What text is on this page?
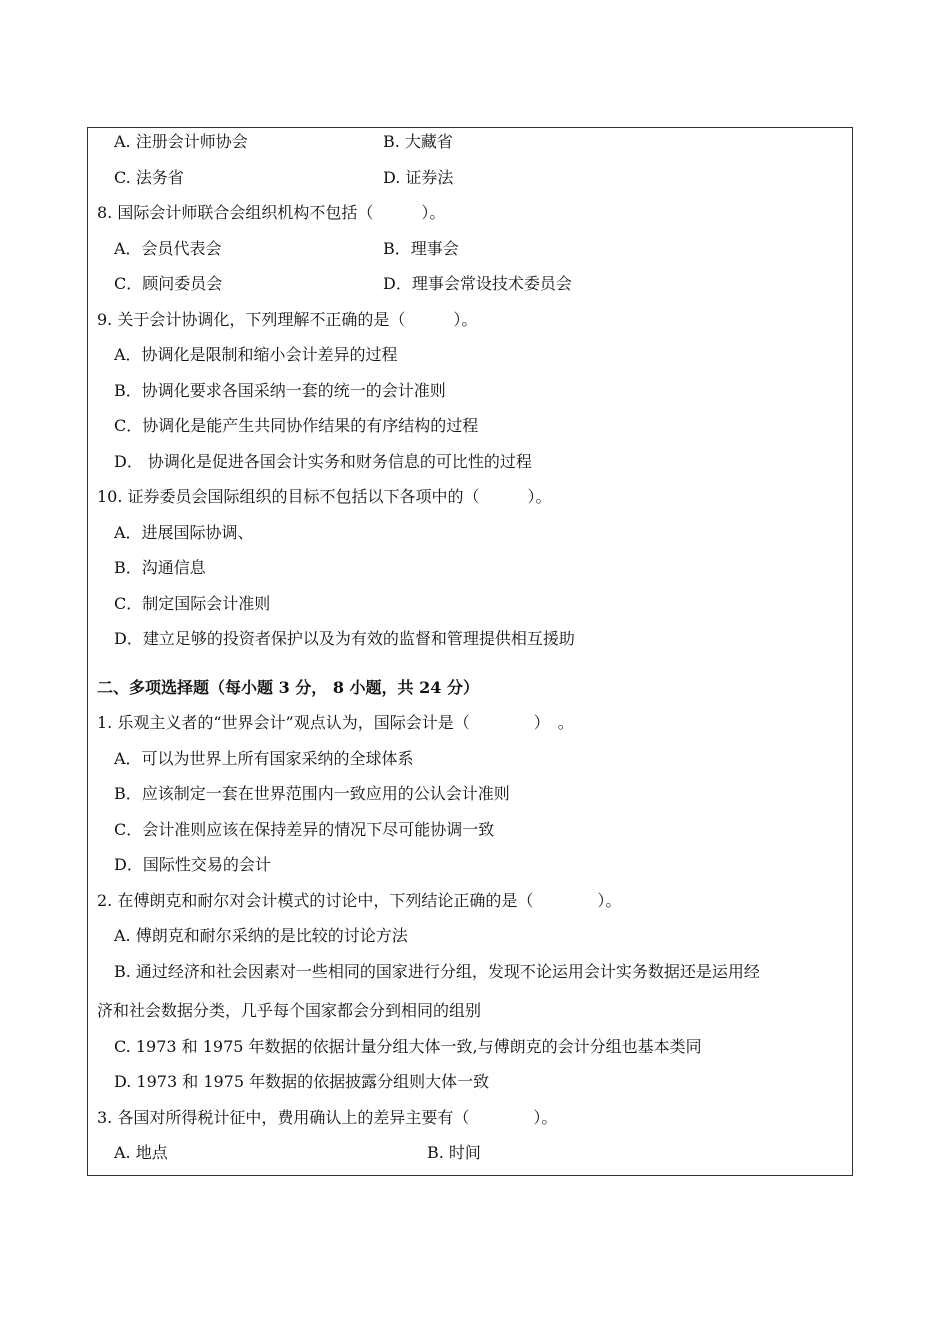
A. 注册会计师协会	B. 大藏省
C. 法务省	D. 证券法
8. 国际会计师联合会组织机构不包括（　　　）。
A．会员代表会	B．理事会
C．顾问委员会	D．理事会常设技术委员会
9. 关于会计协调化，下列理解不正确的是（　　　）。
A．协调化是限制和缩小会计差异的过程
B．协调化要求各国采纳一套的统一的会计准则
C．协调化是能产生共同协作结果的有序结构的过程
D． 协调化是促进各国会计实务和财务信息的可比性的过程
10. 证券委员会国际组织的目标不包括以下各项中的（　　　）。
A．进展国际协调、
B．沟通信息
C．制定国际会计准则
D．建立足够的投资者保护以及为有效的监督和管理提供相互援助
二、多项选择题（每小题 3 分， 8 小题，共 24 分）
1. 乐观主义者的“世界会计”观点认为，国际会计是（　　　　）　。
A．可以为世界上所有国家采纳的全球体系
B．应该制定一套在世界范围内一致应用的公认会计准则
C．会计准则应该在保持差异的情况下尽可能协调一致
D．国际性交易的会计
2. 在傅朗克和耐尔对会计模式的讨论中，下列结论正确的是（　　　　）。
A. 傅朗克和耐尔采纳的是比较的讨论方法
B. 通过经济和社会因素对一些相同的国家进行分组，发现不论运用会计实务数据还是运用经
济和社会数据分类，几乎每个国家都会分到相同的组别
C. 1973 和 1975 年数据的依据计量分组大体一致,与傅朗克的会计分组也基本类同
D. 1973 和 1975 年数据的依据披露分组则大体一致
3. 各国对所得税计征中，费用确认上的差异主要有（　　　　）。
A. 地点	B. 时间
